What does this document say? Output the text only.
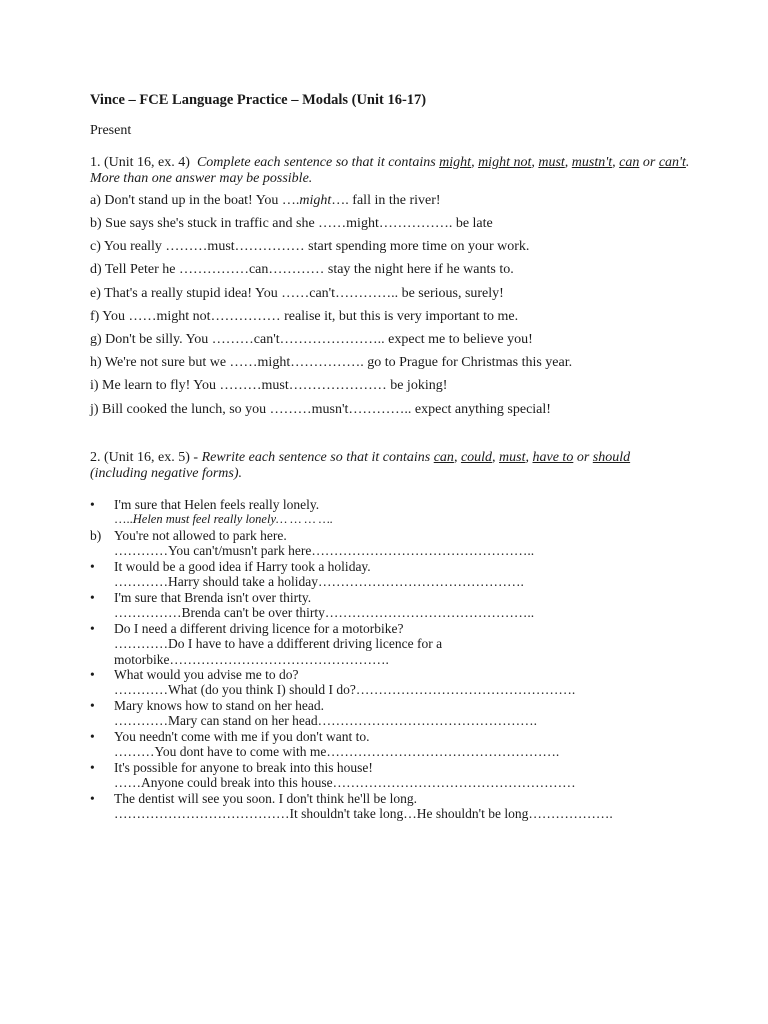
Vince – FCE Language Practice – Modals (Unit 16-17)
Present
1. (Unit 16, ex. 4) Complete each sentence so that it contains might, might not, must, mustn't, can or can't. More than one answer may be possible.
a) Don't stand up in the boat! You ….might…. fall in the river!
b) Sue says she's stuck in traffic and she ……might……………. be late
c) You really ………must…………… start spending more time on your work.
d) Tell Peter he ……………can………… stay the night here if he wants to.
e) That's a really stupid idea! You ……can't………….. be serious, surely!
f) You ……might not…………… realise it, but this is very important to me.
g) Don't be silly. You ………can't………………….. expect me to believe you!
h) We're not sure but we ……might……………. go to Prague for Christmas this year.
i) Me learn to fly! You ………must………………… be joking!
j) Bill cooked the lunch, so you ………musn't………….. expect anything special!
2. (Unit 16, ex. 5) - Rewrite each sentence so that it contains can, could, must, have to or should (including negative forms).
• I'm sure that Helen feels really lonely.
…..Helen must feel really lonely… … … ….
b) You're not allowed to park here.
…………You can't/musn't park here…………………………………………..
• It would be a good idea if Harry took a holiday.
…………Harry should take a holiday……………………………………….
• I'm sure that Brenda isn't over thirty.
……………Brenda can't be over thirty………………………………………..
• Do I need a different driving licence for a motorbike?
…………Do I have to have a ddifferent driving licence for a motorbike………………………………………….
• What would you advise me to do?
…………What (do you think I) should I do?………………………………………….
• Mary knows how to stand on her head.
…………Mary can stand on her head………………………………………….
• You needn't come with me if you don't want to.
………You dont have to come with me…………………………………………….
• It's possible for anyone to break into this house!
……Anyone could break into this house………………………………………………
• The dentist will see you soon. I don't think he'll be long.
…………………………………It shouldn't take long…He shouldn't be long……………….
